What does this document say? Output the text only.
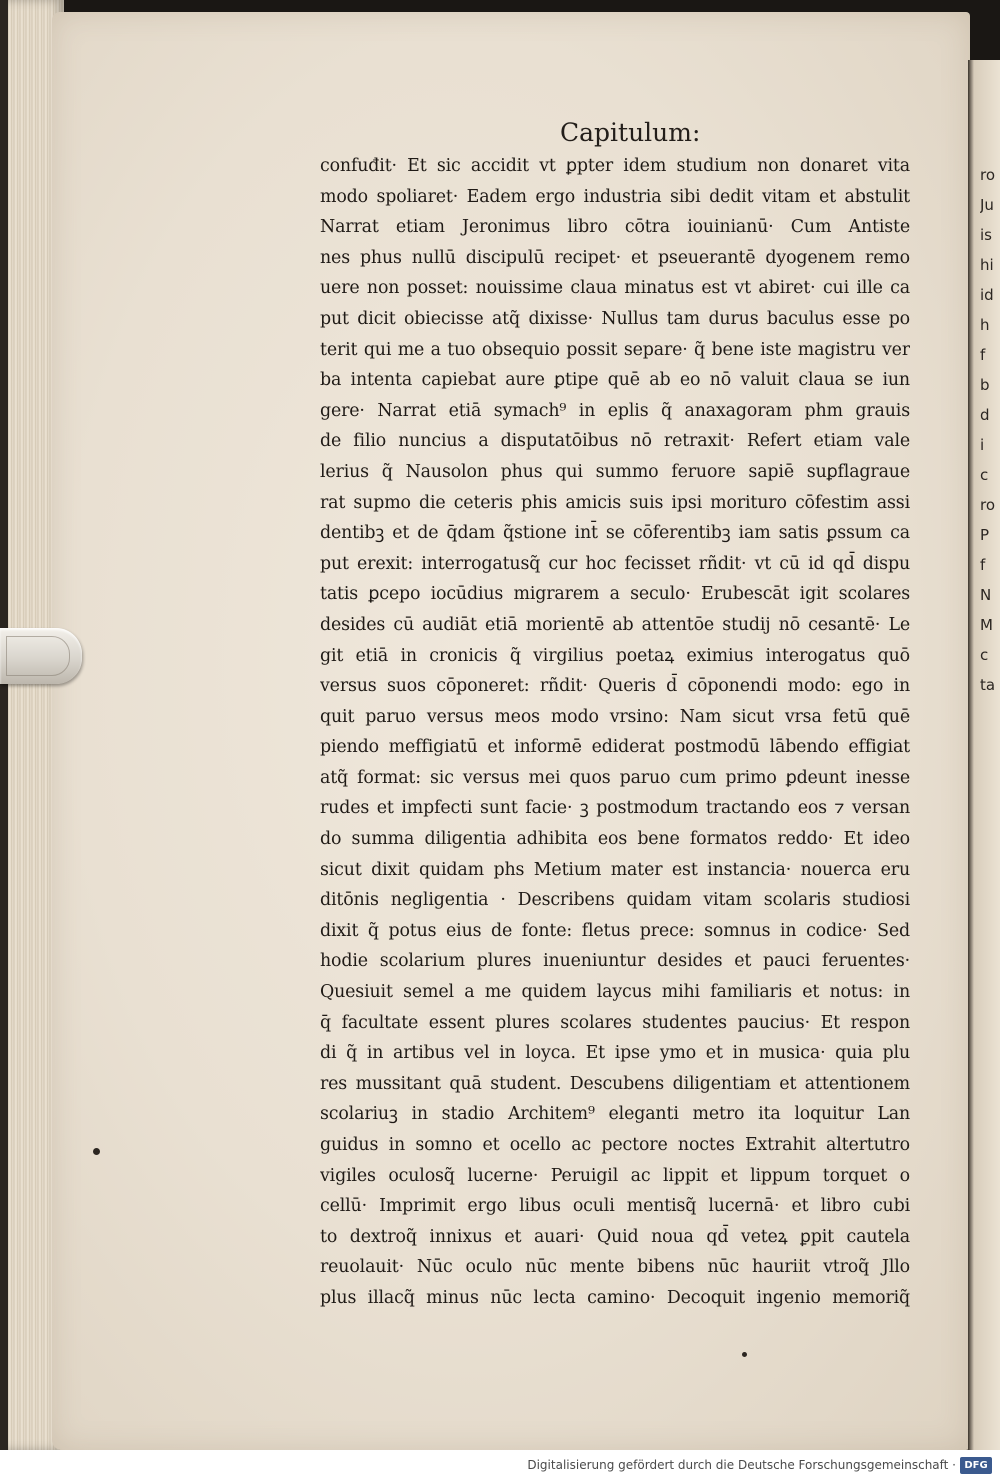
ro
Ju
is
hi
id
h
f
b
d
i
c
ro
P
f
N
M
c
ta
Capitulum:
confuđit· Et sic accidit vt ꝑpter idem studium non donaret vita
modo spoliaret· Eadem ergo industria sibi dedit vitam et abstulit
Narrat etiam Jeronimus libro cōtra iouinianū· Cum Antiste
nes phus nullū discipulū recipet· et pseuerantē dyogenem remo
uere non posset: nouissime claua minatus est vt abiret· cui ille ca
put dicit obiecisse atq̃ dixisse· Nullus tam durus baculus esse po
terit qui me a tuo obsequio possit separe· q̃ bene iste magistru ver
ba intenta capiebat aure ꝑtipe quē ab eo nō valuit claua se iun
gere· Narrat etiā symach⁹ in eplis q̃ anaxagoram phm grauis
de filio nuncius a disputatōibus nō retraxit· Refert etiam vale
lerius q̃ Nausolon phus qui summo feruore sapiē suꝑflagraue
rat supmo die ceteris phis amicis suis ipsi morituro cōfestim assi
dentibꝫ et de q̄dam q̃stione int̄ se cōferentibꝫ iam satis ꝑssum ca
put erexit: interrogatusq̃ cur hoc fecisset rñdit· vt cū id qd̄ dispu
tatis ꝑcepo iocūdius migrarem a seculo· Erubescāt igit scolares
desides cū audiāt etiā morientē ab attentōe studij nō cesantē· Le
git etiā in cronicis q̃ virgilius poetaꝝ eximius interogatus quō
versus suos cōponeret: rñdit· Queris d̄ cōponendi modo: ego in
quit paruo versus meos modo vrsino: Nam sicut vrsa fetū quē
piendo meffigiatū et informē ediderat postmodū lābendo effigiat
atq̃ format: sic versus mei quos paruo cum primo ꝑdeunt inesse
rudes et impfecti sunt facie· ꝫ postmodum tractando eos ⁊ versan
do summa diligentia adhibita eos bene formatos reddo· Et ideo
sicut dixit quidam phs Metium mater est instancia· nouerca eru
ditōnis negligentia · Describens quidam vitam scolaris studiosi
dixit q̃ potus eius de fonte: fletus prece: somnus in codice· Sed
hodie scolarium plures inueniuntur desides et pauci feruentes·
Quesiuit semel a me quidem laycus mihi familiaris et notus: in
q̄ facultate essent plures scolares studentes paucius· Et respon
di q̃ in artibus vel in loyca. Et ipse ymo et in musica· quia plu
res mussitant quā student. Descubens diligentiam et attentionem
scolariuꝫ in stadio Architem⁹ eleganti metro ita loquitur Lan
guidus in somno et ocello ac pectore noctes Extrahit altertutro
vigiles oculosq̃ lucerne· Peruigil ac lippit et lippum torquet o
cellū· Imprimit ergo libus oculi mentisq̃ lucernā· et libro cubi
to dextroq̃ innixus et auari· Quid noua qd̄ veteꝝ ꝑpit cautela
reuolauit· Nūc oculo nūc mente bibens nūc hauriit vtroq̃ Jllo
plus illacq̃ minus nūc lecta camino· Decoquit ingenio memoriq̃
Digitalisierung gefördert durch die Deutsche Forschungsgemeinschaft · DFG
